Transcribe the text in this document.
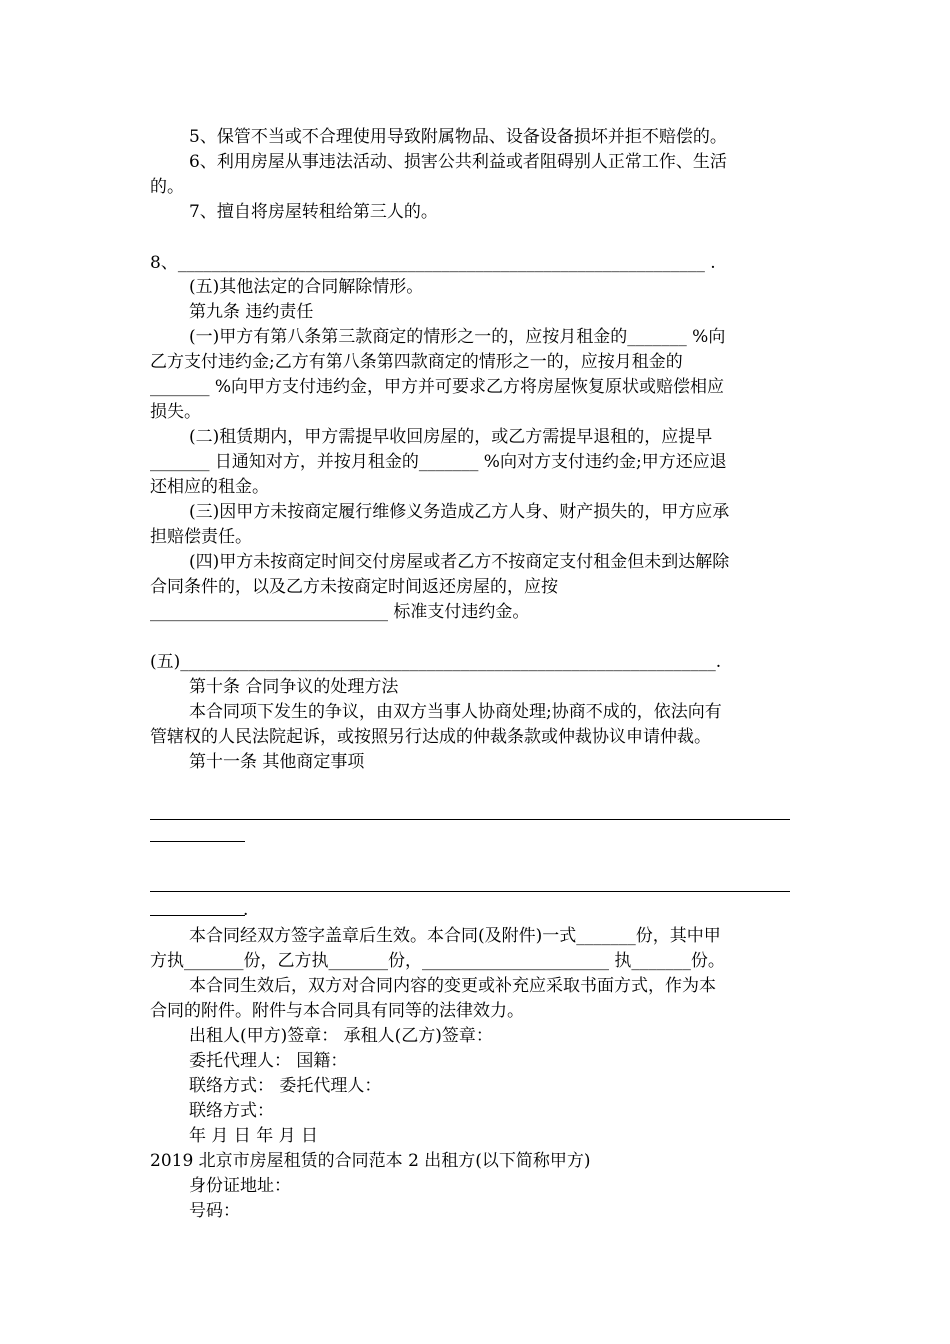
5、保管不当或不合理使用导致附属物品、设备设备损坏并拒不赔偿的。
6、利用房屋从事违法活动、损害公共利益或者阻碍别人正常工作、生活
的。
7、擅自将房屋转租给第三人的。
8、______________________________________________________________ .
(五)其他法定的合同解除情形。
第九条 违约责任
(一)甲方有第八条第三款商定的情形之一的，应按月租金的_______ %向
乙方支付违约金;乙方有第八条第四款商定的情形之一的，应按月租金的
_______ %向甲方支付违约金，甲方并可要求乙方将房屋恢复原状或赔偿相应
损失。
(二)租赁期内，甲方需提早收回房屋的，或乙方需提早退租的，应提早
_______ 日通知对方，并按月租金的_______ %向对方支付违约金;甲方还应退
还相应的租金。
(三)因甲方未按商定履行维修义务造成乙方人身、财产损失的，甲方应承
担赔偿责任。
(四)甲方未按商定时间交付房屋或者乙方不按商定支付租金但未到达解除
合同条件的，以及乙方未按商定时间返还房屋的，应按
____________________________ 标准支付违约金。
(五)_______________________________________________________________.
第十条 合同争议的处理方法
本合同项下发生的争议，由双方当事人协商处理;协商不成的，依法向有
管辖权的人民法院起诉，或按照另行达成的仲裁条款或仲裁协议申请仲裁。
第十一条 其他商定事项
.
本合同经双方签字盖章后生效。本合同(及附件)一式_______份，其中甲
方执_______份，乙方执_______份，______________________ 执_______份。
本合同生效后，双方对合同内容的变更或补充应采取书面方式，作为本
合同的附件。附件与本合同具有同等的法律效力。
出租人(甲方)签章： 承租人(乙方)签章：
委托代理人： 国籍：
联络方式： 委托代理人：
联络方式：
年 月 日 年 月 日
2019 北京市房屋租赁的合同范本 2 出租方(以下简称甲方)
身份证地址：
号码：
